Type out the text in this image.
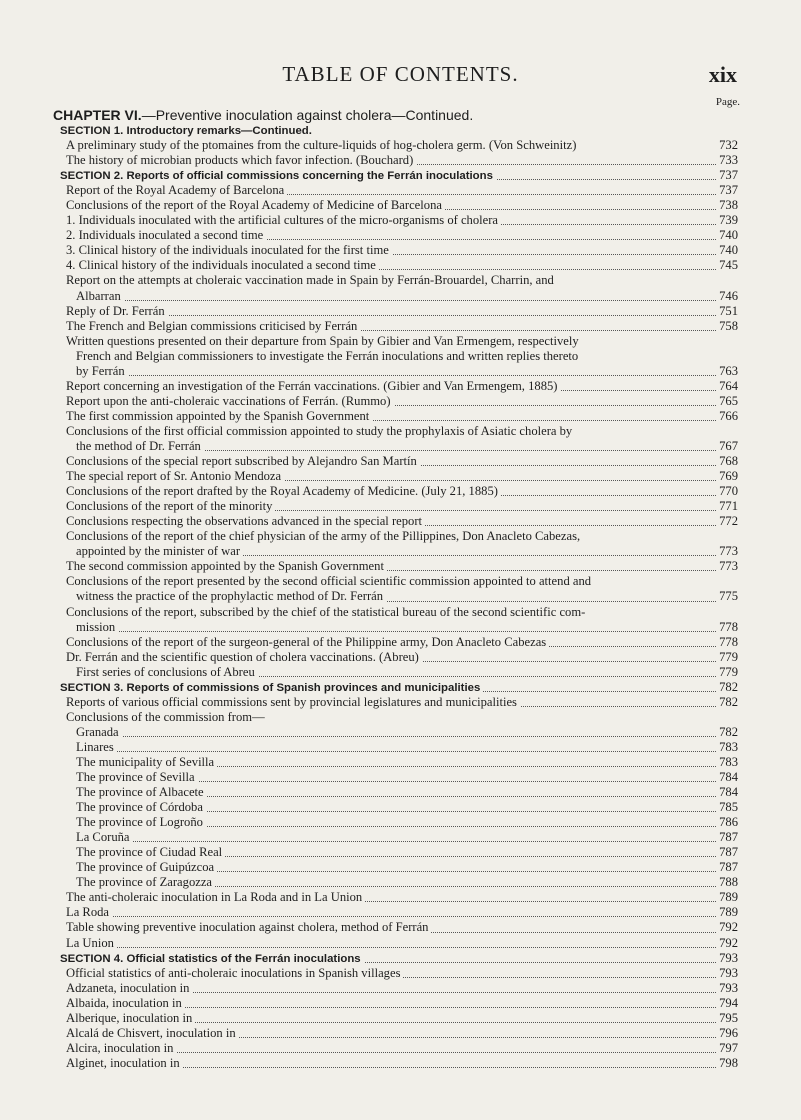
TABLE OF CONTENTS.	xix
Page.
CHAPTER VI.—Preventive inoculation against cholera—Continued.
SECTION 1. Introductory remarks—Continued.
A preliminary study of the ptomaines from the culture-liquids of hog-cholera germ. (Von Schweinitz)	732
The history of microbian products which favor infection. (Bouchard)	733
SECTION 2. Reports of official commissions concerning the Ferrán inoculations	737
Report of the Royal Academy of Barcelona	737
Conclusions of the report of the Royal Academy of Medicine of Barcelona	738
1. Individuals inoculated with the artificial cultures of the micro-organisms of cholera	739
2. Individuals inoculated a second time	740
3. Clinical history of the individuals inoculated for the first time	740
4. Clinical history of the individuals inoculated a second time	745
Report on the attempts at choleraic vaccination made in Spain by Ferrán-Brouardel, Charrin, and
Albarran	746
Reply of Dr. Ferrán	751
The French and Belgian commissions criticised by Ferrán	758
Written questions presented on their departure from Spain by Gibier and Van Ermengem, respectively
French and Belgian commissioners to investigate the Ferrán inoculations and written replies thereto
by Ferrán	763
Report concerning an investigation of the Ferrán vaccinations. (Gibier and Van Ermengem, 1885)	764
Report upon the anti-choleraic vaccinations of Ferrán. (Rummo)	765
The first commission appointed by the Spanish Government	766
Conclusions of the first official commission appointed to study the prophylaxis of Asiatic cholera by
the method of Dr. Ferrán	767
Conclusions of the special report subscribed by Alejandro San Martín	768
The special report of Sr. Antonio Mendoza	769
Conclusions of the report drafted by the Royal Academy of Medicine. (July 21, 1885)	770
Conclusions of the report of the minority	771
Conclusions respecting the observations advanced in the special report	772
Conclusions of the report of the chief physician of the army of the Pillippines, Don Anacleto Cabezas,
appointed by the minister of war	773
The second commission appointed by the Spanish Government	773
Conclusions of the report presented by the second official scientific commission appointed to attend and
witness the practice of the prophylactic method of Dr. Ferrán	775
Conclusions of the report, subscribed by the chief of the statistical bureau of the second scientific com-
mission	778
Conclusions of the report of the surgeon-general of the Philippine army, Don Anacleto Cabezas	778
Dr. Ferrán and the scientific question of cholera vaccinations. (Abreu)	779
First series of conclusions of Abreu	779
SECTION 3. Reports of commissions of Spanish provinces and municipalities	782
Reports of various official commissions sent by provincial legislatures and municipalities	782
Conclusions of the commission from—
Granada	782
Linares	783
The municipality of Sevilla	783
The province of Sevilla	784
The province of Albacete	784
The province of Córdoba	785
The province of Logroño	786
La Coruña	787
The province of Ciudad Real	787
The province of Guipúzcoa	787
The province of Zaragozza	788
The anti-choleraic inoculation in La Roda and in La Union	789
La Roda	789
Table showing preventive inoculation against cholera, method of Ferrán	792
La Union	792
SECTION 4. Official statistics of the Ferrán inoculations	793
Official statistics of anti-choleraic inoculations in Spanish villages	793
Adzaneta, inoculation in	793
Albaida, inoculation in	794
Alberique, inoculation in	795
Alcalá de Chisvert, inoculation in	796
Alcira, inoculation in	797
Alginet, inoculation in	798
